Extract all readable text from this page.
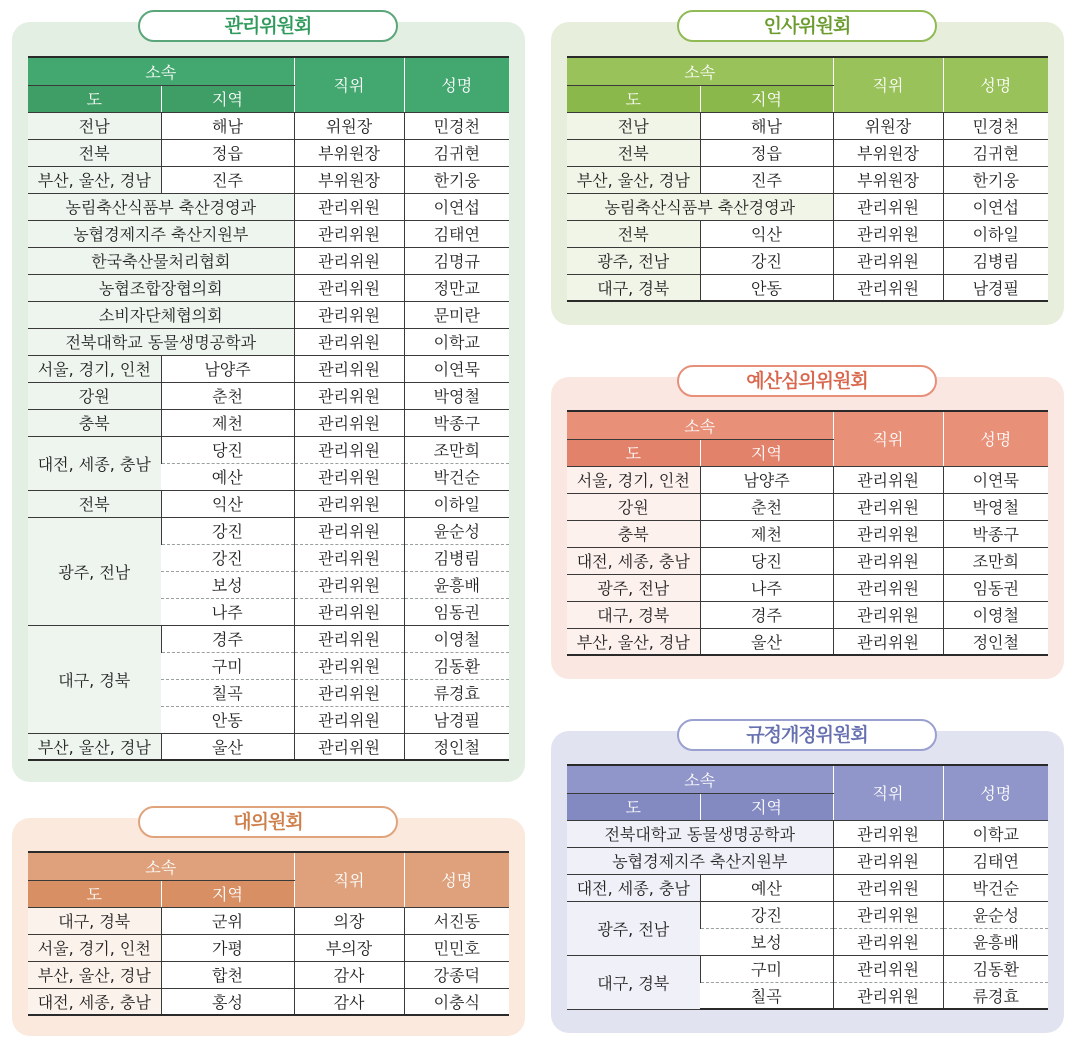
관리위원회
소속		직위	성명
도	지역		
전남	해남	위원장	민경천
전북	정읍	부위원장	김귀현
부산, 울산, 경남	진주	부위원장	한기웅
농림축산식품부 축산경영과		관리위원	이연섭
농협경제지주 축산지원부		관리위원	김태연
한국축산물처리협회		관리위원	김명규
농협조합장협의회		관리위원	정만교
소비자단체협의회		관리위원	문미란
전북대학교 동물생명공학과		관리위원	이학교
서울, 경기, 인천	남양주	관리위원	이연묵
강원	춘천	관리위원	박영철
충북	제천	관리위원	박종구
대전, 세종, 충남	당진	관리위원	조만희
	예산	관리위원	박건순
전북	익산	관리위원	이하일
광주, 전남	강진	관리위원	윤순성
	강진	관리위원	김병림
	보성	관리위원	윤흥배
	나주	관리위원	임동권
대구, 경북	경주	관리위원	이영철
	구미	관리위원	김동환
	칠곡	관리위원	류경효
	안동	관리위원	남경필
부산, 울산, 경남	울산	관리위원	정인철
인사위원회
소속		직위	성명
도	지역		
전남	해남	위원장	민경천
전북	정읍	부위원장	김귀현
부산, 울산, 경남	진주	부위원장	한기웅
농림축산식품부 축산경영과		관리위원	이연섭
전북	익산	관리위원	이하일
광주, 전남	강진	관리위원	김병림
대구, 경북	안동	관리위원	남경필
예산심의위원회
소속		직위	성명
도	지역		
서울, 경기, 인천	남양주	관리위원	이연묵
강원	춘천	관리위원	박영철
충북	제천	관리위원	박종구
대전, 세종, 충남	당진	관리위원	조만희
광주, 전남	나주	관리위원	임동권
대구, 경북	경주	관리위원	이영철
부산, 울산, 경남	울산	관리위원	정인철
대의원회
소속		직위	성명
도	지역		
대구, 경북	군위	의장	서진동
서울, 경기, 인천	가평	부의장	민민호
부산, 울산, 경남	합천	감사	강종덕
대전, 세종, 충남	홍성	감사	이충식
규정개정위원회
소속		직위	성명
도	지역		
전북대학교 동물생명공학과		관리위원	이학교
농협경제지주 축산지원부		관리위원	김태연
대전, 세종, 충남	예산	관리위원	박건순
광주, 전남	강진	관리위원	윤순성
	보성	관리위원	윤흥배
대구, 경북	구미	관리위원	김동환
	칠곡	관리위원	류경효
